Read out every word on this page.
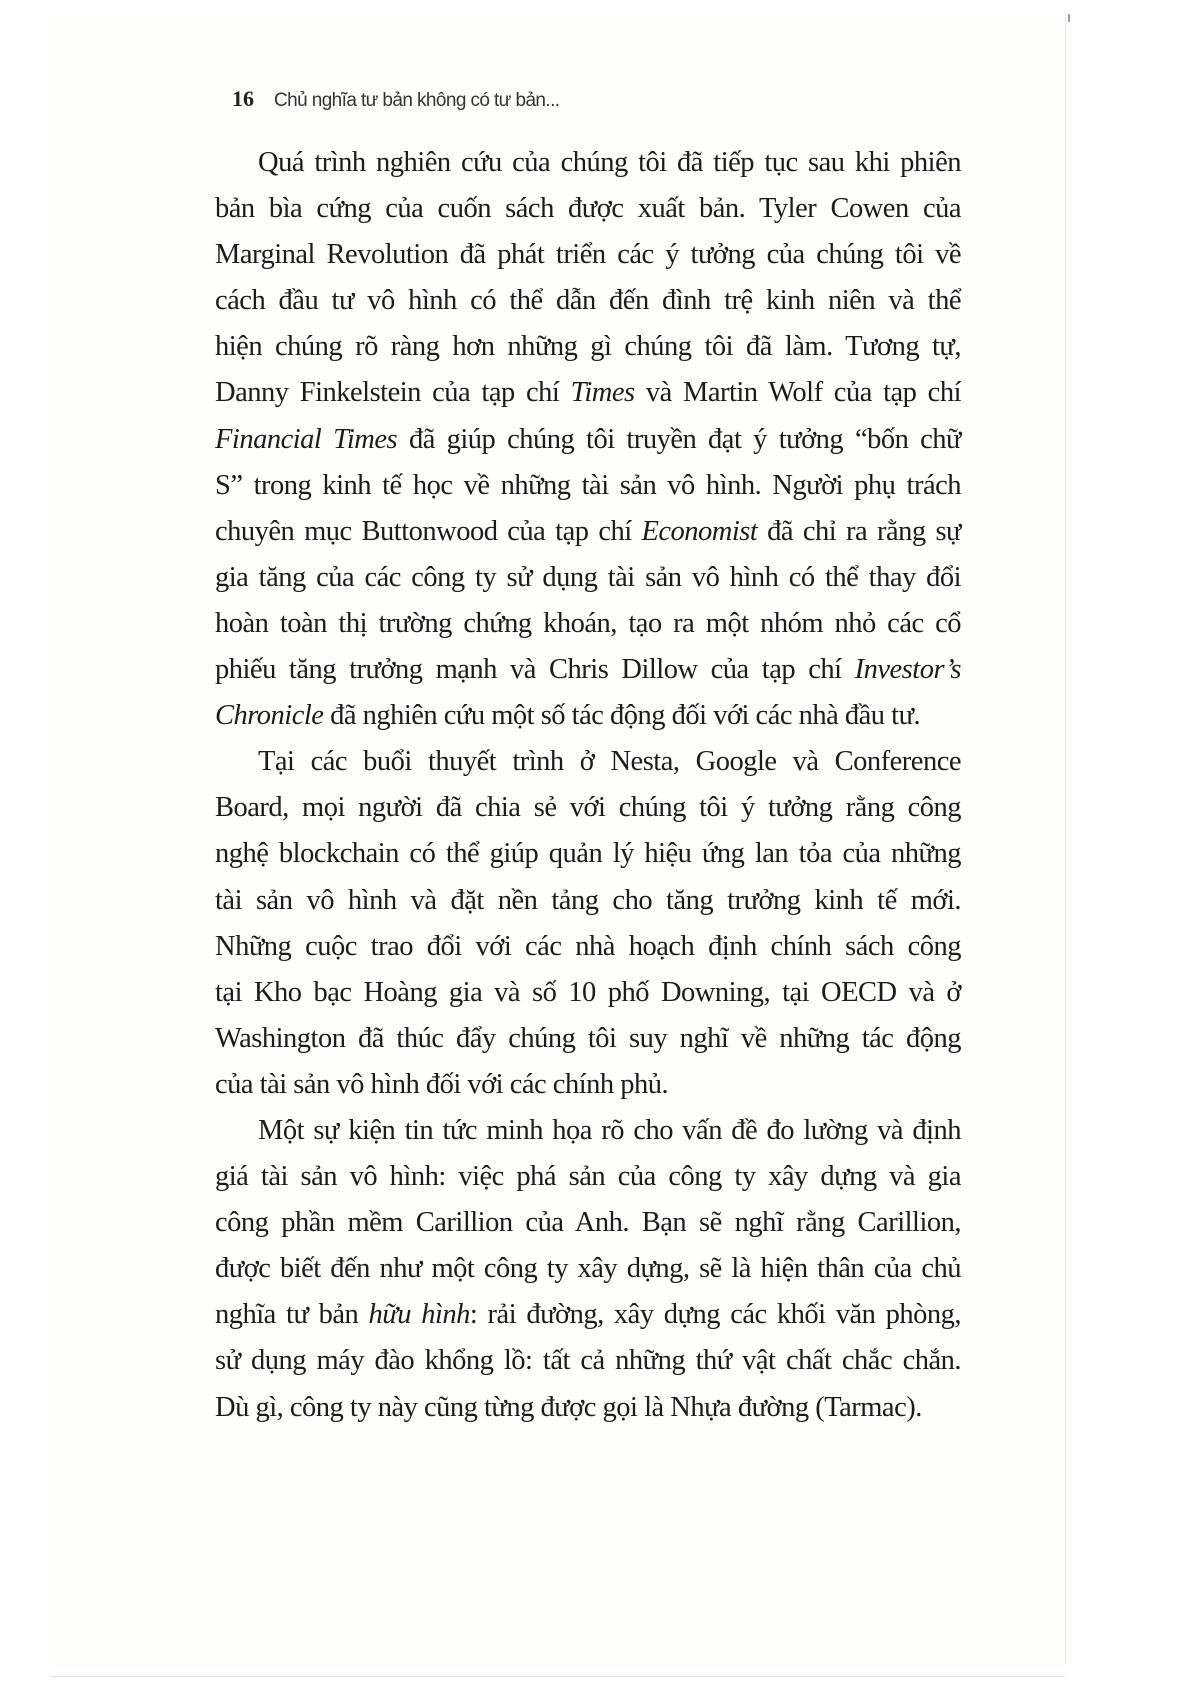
16 Chủ nghĩa tư bản không có tư bản...
Quá trình nghiên cứu của chúng tôi đã tiếp tục sau khi phiên
bản bìa cứng của cuốn sách được xuất bản. Tyler Cowen của
Marginal Revolution đã phát triển các ý tưởng của chúng tôi về
cách đầu tư vô hình có thể dẫn đến đình trệ kinh niên và thể
hiện chúng rõ ràng hơn những gì chúng tôi đã làm. Tương tự,
Danny Finkelstein của tạp chí Times và Martin Wolf của tạp chí
Financial Times đã giúp chúng tôi truyền đạt ý tưởng “bốn chữ
S” trong kinh tế học về những tài sản vô hình. Người phụ trách
chuyên mục Buttonwood của tạp chí Economist đã chỉ ra rằng sự
gia tăng của các công ty sử dụng tài sản vô hình có thể thay đổi
hoàn toàn thị trường chứng khoán, tạo ra một nhóm nhỏ các cổ
phiếu tăng trưởng mạnh và Chris Dillow của tạp chí Investor’s
Chronicle đã nghiên cứu một số tác động đối với các nhà đầu tư.
Tại các buổi thuyết trình ở Nesta, Google và Conference
Board, mọi người đã chia sẻ với chúng tôi ý tưởng rằng công
nghệ blockchain có thể giúp quản lý hiệu ứng lan tỏa của những
tài sản vô hình và đặt nền tảng cho tăng trưởng kinh tế mới.
Những cuộc trao đổi với các nhà hoạch định chính sách công
tại Kho bạc Hoàng gia và số 10 phố Downing, tại OECD và ở
Washington đã thúc đẩy chúng tôi suy nghĩ về những tác động
của tài sản vô hình đối với các chính phủ.
Một sự kiện tin tức minh họa rõ cho vấn đề đo lường và định
giá tài sản vô hình: việc phá sản của công ty xây dựng và gia
công phần mềm Carillion của Anh. Bạn sẽ nghĩ rằng Carillion,
được biết đến như một công ty xây dựng, sẽ là hiện thân của chủ
nghĩa tư bản hữu hình: rải đường, xây dựng các khối văn phòng,
sử dụng máy đào khổng lồ: tất cả những thứ vật chất chắc chắn.
Dù gì, công ty này cũng từng được gọi là Nhựa đường (Tarmac).
